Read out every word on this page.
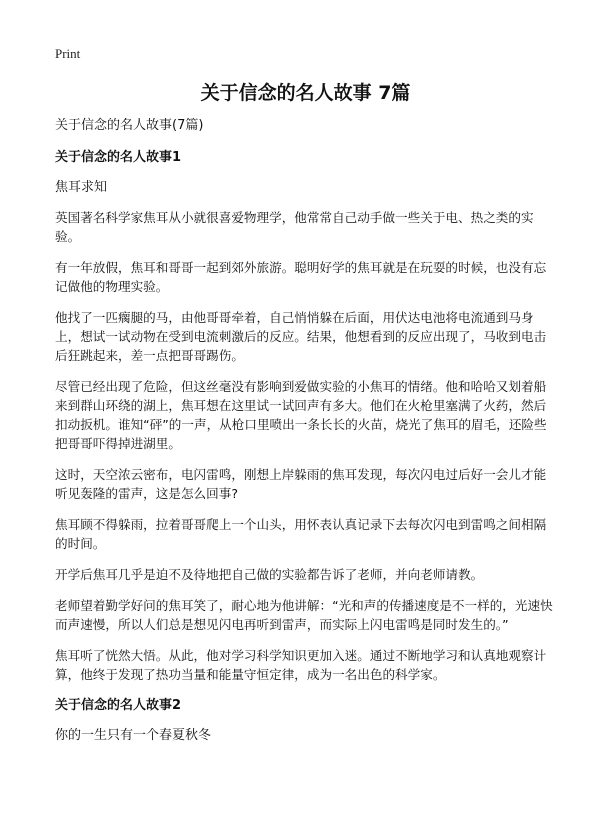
Print
关于信念的名人故事 7篇

关于信念的名人故事(7篇)

关于信念的名人故事1

焦耳求知

英国著名科学家焦耳从小就很喜爱物理学，他常常自己动手做一些关于电、热之类的实验。

有一年放假，焦耳和哥哥一起到郊外旅游。聪明好学的焦耳就是在玩耍的时候，也没有忘记做他的物理实验。

他找了一匹瘸腿的马，由他哥哥牵着，自己悄悄躲在后面，用伏达电池将电流通到马身上，想试一试动物在受到电流刺激后的反应。结果，他想看到的反应出现了，马收到电击后狂跳起来，差一点把哥哥踢伤。

尽管已经出现了危险，但这丝毫没有影响到爱做实验的小焦耳的情绪。他和哈哈又划着船来到群山环绕的湖上，焦耳想在这里试一试回声有多大。他们在火枪里塞满了火药，然后扣动扳机。谁知“砰”的一声，从枪口里喷出一条长长的火苗，烧光了焦耳的眉毛，还险些把哥哥吓得掉进湖里。

这时，天空浓云密布，电闪雷鸣，刚想上岸躲雨的焦耳发现，每次闪电过后好一会儿才能听见轰隆的雷声，这是怎么回事?

焦耳顾不得躲雨，拉着哥哥爬上一个山头，用怀表认真记录下去每次闪电到雷鸣之间相隔的时间。

开学后焦耳几乎是迫不及待地把自己做的实验都告诉了老师，并向老师请教。

老师望着勤学好问的焦耳笑了，耐心地为他讲解：“光和声的传播速度是不一样的，光速快而声速慢，所以人们总是想见闪电再听到雷声，而实际上闪电雷鸣是同时发生的。”

焦耳听了恍然大悟。从此，他对学习科学知识更加入迷。通过不断地学习和认真地观察计算，他终于发现了热功当量和能量守恒定律，成为一名出色的科学家。

关于信念的名人故事2

你的一生只有一个春夏秋冬
